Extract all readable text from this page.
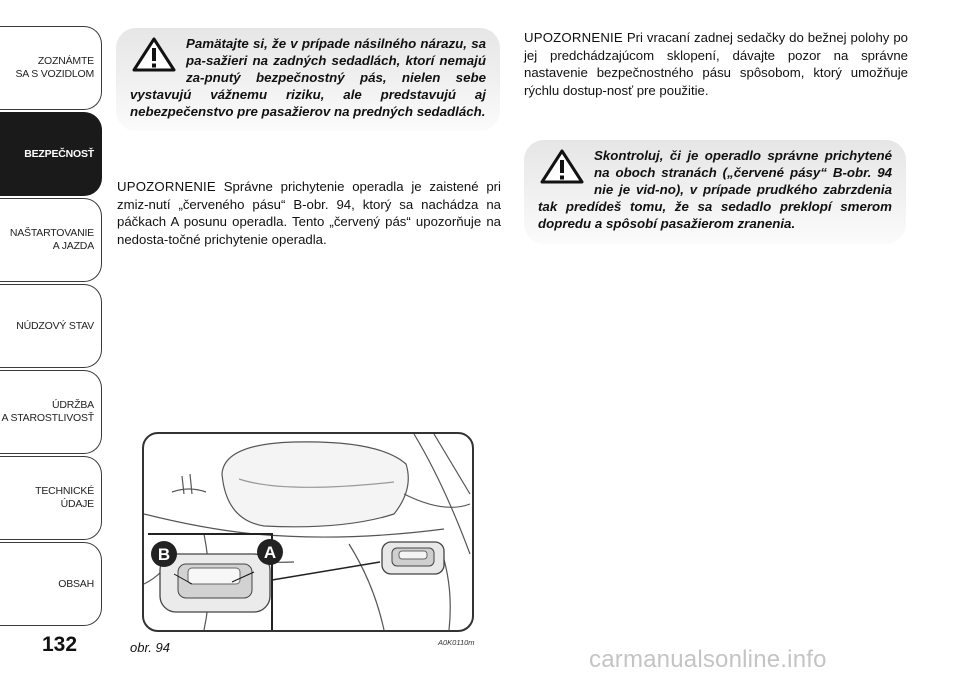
ZOZNÁMTE
SA S VOZIDLOM
BEZPEČNOSŤ
NAŠTARTOVANIE
A JAZDA
NÚDZOVÝ STAV
ÚDRŽBA
A STAROSTLIVOSŤ
TECHNICKÉ
ÚDAJE
OBSAH
132

Pamätajte si, že v prípade násilného nárazu, sa pa-sažieri na zadných sedadlách, ktorí nemajú za-pnutý bezpečnostný pás, nielen sebe vystavujú vážnemu riziku, ale predstavujú aj nebezpečenstvo pre pasažierov na predných sedadlách.

UPOZORNENIE Správne prichytenie operadla je zaistené pri zmiz-nutí „červeného pásu“ B-obr. 94, ktorý sa nachádza na páčkach A posunu operadla. Tento „červený pás“ upozorňuje na nedosta-točné prichytenie operadla.

UPOZORNENIE Pri vracaní zadnej sedačky do bežnej polohy po jej predchádzajúcom sklopení, dávajte pozor na správne nastavenie bezpečnostného pásu spôsobom, ktorý umožňuje rýchlu dostup-nosť pre použitie.

Skontroluj, či je operadlo správne prichytené na oboch stranách („červené pásy“ B-obr. 94 nie je vid-no), v prípade prudkého zabrzdenia tak predídeš tomu, že sa sedadlo preklopí smerom dopredu a spôsobí pasažierom zranenia.

B	A
obr. 94	A0K0110m
carmanualsonline.info
